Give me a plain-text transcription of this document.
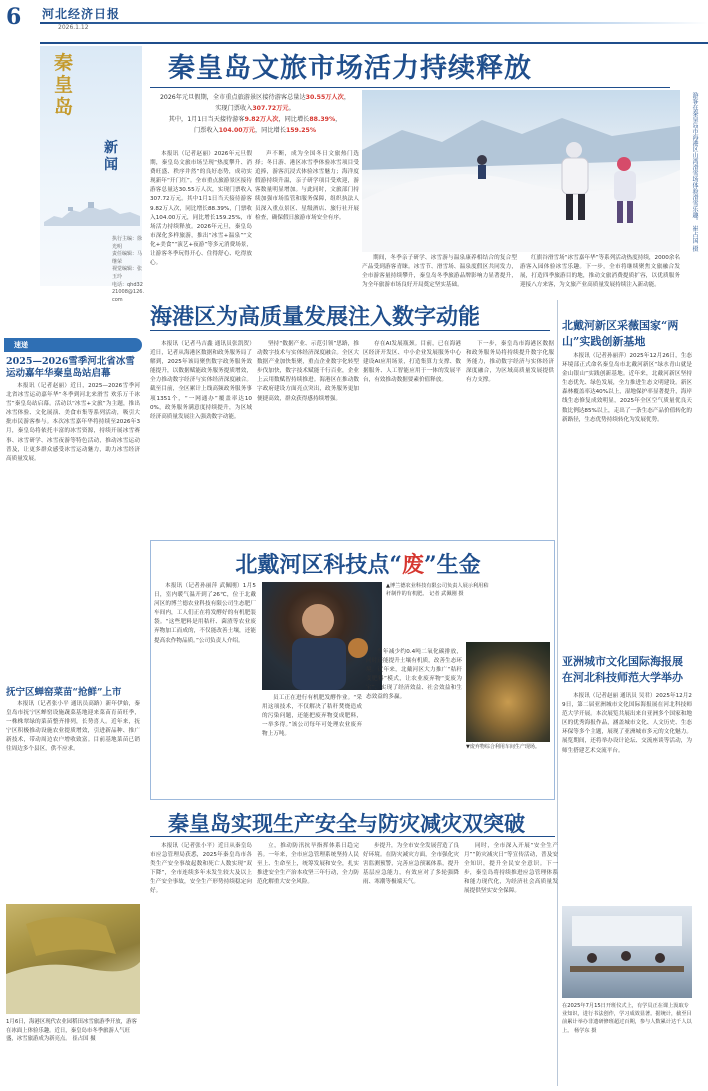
6	河北经济日报
2026.1.12
秦皇岛
新闻
执行主编：徐光明
责任编辑：马继荣
视觉编辑：张玉玲
电话：qhd3221008@126.com
秦皇岛文旅市场活力持续释放
2026年元旦假期，全市重点旅游景区接待游客总量达30.55万人次，
实现门票收入307.72万元。
其中，1月1日当天接待游客9.82万人次，同比增长88.39%，
门票收入104.00万元，同比增长159.25%	游客在秦皇岛市海港区山湾滑雪场体验滑雪乐趣。 崔占国 摄

本报讯（记者赵丽）2026年元旦假期，秦皇岛文旅市场呈现“热度攀升、消费旺盛、秩序井然”的良好态势，成功实现新年“开门红”。全市重点旅游景区接待游客总量达30.55万人次，实现门票收入307.72万元。其中1月1日当天接待游客9.82万人次，同比增长88.39%，门票收入104.00万元，同比增长159.25%，市场活力持续释放。2026年元旦，秦皇岛市深化多样旅游，推出“冰雪+温泉”“文化+美食”“演艺+夜游”等多元消费场景，让游客冬季玩得开心、住得舒心、吃得放心。

声不断，成为全国冬日文旅热门选择；冬日游、港区冰雪季体验冰雪项目受追捧，游客沉浸式体验冰雪魅力；海洋度假游持续升温，亲子研学项目受欢迎，游客数量明显增加。与此同时，文旅部门持续加强市场监管和服务保障，组织执法人员深入重点景区、星级酒店、旅行社开展检查，确保假日旅游市场安全有序。

期间，冬季亲子研学、冰雪游与温泉康养相结合的复合型产品受到游客青睐。冰雪节、滑雪场、温泉度假区共同发力，全市游客量持续攀升，秦皇岛冬季旅游品牌影响力显著提升，为全年旅游市场良好开局奠定坚实基础。

红旗谷滑雪场“冰雪嘉年华”等系列活动热度持续，2000余名游客入园体验冰雪乐趣。下一步，全市将继续聚焦文旅融合发展，打造四季旅游目的地，推动文旅消费提质扩容，以优质服务迎接八方来客，为文旅产业高质量发展持续注入新动能。

速递
2025—2026雪季河北省冰雪运动嘉年华秦皇岛站启幕

本报讯（记者赵丽）近日，2025—2026雪季河北省冰雪运动嘉年华“冬季到河北来滑雪 欢乐万千冰雪”秦皇岛站启幕。活动以“冰雪+文旅”为主题，推出冰雪体验、文化展演、美食市集等系列活动，吸引大批市民游客参与。本次冰雪嘉年华将持续至2026年3月，秦皇岛将依托丰富的冰雪资源，持续开展冰雪赛事、冰雪研学、冰雪夜游等特色活动，推动冰雪运动普及，让更多群众感受冰雪运动魅力，助力冰雪经济高质量发展。

抚宁区蝉窑菜苗“抢鲜”上市

本报讯（记者张小平 通讯员高路）新年伊始，秦皇岛市抚宁区蝉窑设施蔬菜基地迎来菜苗育苗旺季，一株株翠绿的菜苗整齐排列，长势喜人。近年来，抚宁区积极推动设施农业提质增效，引进新品种、推广新技术，带动周边农户增收致富。目前基地菜苗已销往周边多个县区，供不应求。

1月6日，海港区现代农业园稻田冰雪旅游季开放，游客在冰面上体验乐趣。近日，秦皇岛市冬季旅游人气旺盛，冰雪旅游成为新亮点。 崔占国 摄
海港区为高质量发展注入数字动能

本报讯（记者马吉鑫 通讯员张凯贺）近日，记者从海港区数据和政务服务局了解到，2025年该局聚焦数字政务服务效能提升，以数据赋能政务服务提质增效，全力推动数字经济与实体经济深度融合。截至目前，全区累计上线高频政务服务事项1351个，“一网通办”覆盖率达100%，政务服务满意度持续提升，为区域经济高质量发展注入强劲数字动能。

坚持“数据产业、示范引领”思路，推动数字技术与实体经济深度融合。全区大数据产业加快集聚，重点企业数字化转型步伐加快，数字技术赋能千行百业，企业上云用数赋智持续推进。海港区在推动数字政府建设方面亮点突出，政务服务更加便捷高效，群众获得感持续增强。

存在AI发展瓶颈。目前，已在海港区经济开发区、中小企业发展服务中心建设AI应用场景，打造集算力支撑、数据服务、人工智能应用于一体的发展平台，有效推动数据要素价值释放。

下一步，秦皇岛市海港区数据和政务服务局将持续提升数字化服务能力，推动数字经济与实体经济深度融合，为区域高质量发展提供有力支撑。

北戴河新区采薇国家“两山”实践创新基地

本报讯（记者孙丽萍）2025年12月26日，生态环境部正式命名秦皇岛市北戴河新区“绿水青山就是金山银山”实践创新基地。近年来，北戴河新区坚持生态优先、绿色发展，全力推进生态文明建设。新区森林覆盖率达40%以上，湿地保护率显著提升，海岸线生态修复成效明显，2025年全区空气质量优良天数比例达85%以上，走出了一条生态产品价值转化的新路径，生态优势持续转化为发展优势。

亚洲城市文化国际海报展在河北科技师范大学举办

本报讯（记者赵丽 通讯员 吴君）2025年12月29日，第二届亚洲城市文化国际海报展在河北科技师范大学开展。本次展览共展出来自亚洲多个国家和地区的优秀海报作品，涵盖城市文化、人文历史、生态环保等多个主题，展现了亚洲城市多元的文化魅力。展览期间，还将举办设计论坛、交流座谈等活动，为师生搭建艺术交流平台。

在2025年7月15日开班仪式上，有学员正在课上汲取专业知识，进行书法创作，学习成效显著。据统计，截至目前累计举办非遗研修班超过百期，参与人数累计达千人以上。 杨学东 摄
北戴河区科技点“废”生金

本报讯（记者孙丽萍 武佩刚）1月5日，室内暖气温开到了26℃，位于北戴河区的博兰德农业科技有限公司生态肥厂车间内，工人们正在将发酵好的有机肥装袋。“这些肥料是用秸秆、菌渣等农业废弃物加工而成的，不仅能改善土壤，还能提高农作物品质。”公司负责人介绍。

▲博兰德农业科技有限公司负责人展示利用秸秆制作的有机肥。 记者 武佩刚 摄
▼废弃物综合利用车间生产现场。

员工正在进行有机肥发酵作业。“采用这项技术，不仅解决了秸秆焚烧造成的污染问题，还能把废弃物变成肥料，一举多得。”该公司每年可处理农业废弃物上万吨。

当年减少约0.4吨二氧化碳排放，同时还能提升土壤有机质，改善生态环境。近年来，北戴河区大力推广“秸秆变肥料”模式，让农业废弃物“变废为宝”，实现了经济效益、社会效益和生态效益的多赢。

秦皇岛实现生产安全与防灾减灾双突破

本报讯（记者张小平）近日从秦皇岛市应急管理局获悉，2025年秦皇岛市各类生产安全事故起数和死亡人数实现“双下降”，全市连续多年未发生较大及以上生产安全事故，安全生产形势持续稳定向好。

立，推动防汛抗旱指挥体系日趋完善。一年来，全市应急管理系统坚持人民至上、生命至上，统筹发展和安全，扎实推进安全生产治本攻坚三年行动，全力防范化解重大安全风险。

步提升，为全市安全发展营造了良好环境。在防灾减灾方面，全市强化灾害监测预警，完善应急预案体系，提升基层应急能力，有效应对了多轮强降雨、寒潮等极端天气。

同时，全市深入开展“安全生产月”“防灾减灾日”等宣传活动，普及安全知识，提升全民安全意识。下一步，秦皇岛将持续推进应急管理体系和能力现代化，为经济社会高质量发展提供坚实安全保障。
